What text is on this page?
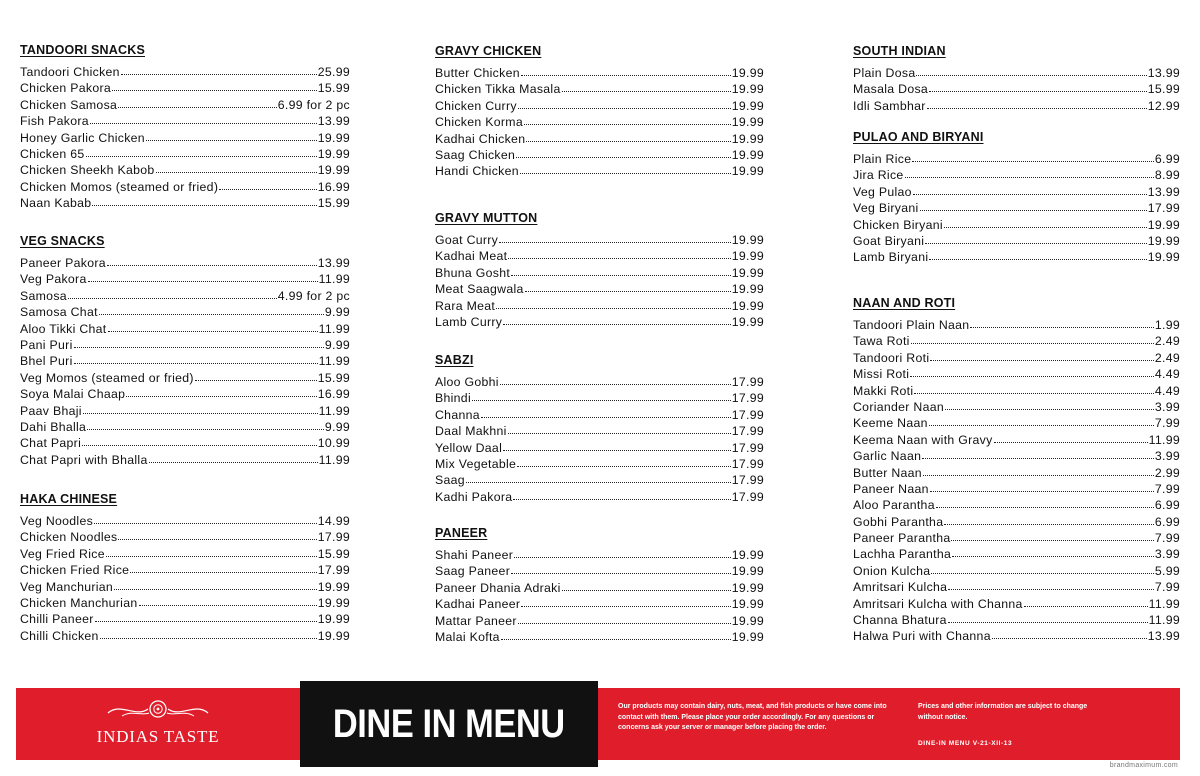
TANDOORI SNACKS
Tandoori Chicken	25.99
Chicken Pakora	15.99
Chicken Samosa	6.99 for 2 pc
Fish Pakora	13.99
Honey Garlic Chicken	19.99
Chicken 65	19.99
Chicken Sheekh Kabob	19.99
Chicken Momos (steamed or fried)	16.99
Naan Kabab	15.99
VEG SNACKS
Paneer Pakora	13.99
Veg Pakora	11.99
Samosa	4.99 for 2 pc
Samosa Chat	9.99
Aloo Tikki Chat	11.99
Pani Puri	9.99
Bhel Puri	11.99
Veg Momos (steamed or fried)	15.99
Soya Malai Chaap	16.99
Paav Bhaji	11.99
Dahi Bhalla	9.99
Chat Papri	10.99
Chat Papri with Bhalla	11.99
HAKA CHINESE
Veg Noodles	14.99
Chicken Noodles	17.99
Veg Fried Rice	15.99
Chicken Fried Rice	17.99
Veg Manchurian	19.99
Chicken Manchurian	19.99
Chilli Paneer	19.99
Chilli Chicken	19.99
GRAVY CHICKEN
Butter Chicken	19.99
Chicken Tikka Masala	19.99
Chicken Curry	19.99
Chicken Korma	19.99
Kadhai Chicken	19.99
Saag Chicken	19.99
Handi Chicken	19.99
GRAVY MUTTON
Goat Curry	19.99
Kadhai Meat	19.99
Bhuna Gosht	19.99
Meat Saagwala	19.99
Rara Meat	19.99
Lamb Curry	19.99
SABZI
Aloo Gobhi	17.99
Bhindi	17.99
Channa	17.99
Daal Makhni	17.99
Yellow Daal	17.99
Mix Vegetable	17.99
Saag	17.99
Kadhi Pakora	17.99
PANEER
Shahi Paneer	19.99
Saag Paneer	19.99
Paneer Dhania Adraki	19.99
Kadhai Paneer	19.99
Mattar Paneer	19.99
Malai Kofta	19.99
SOUTH INDIAN
Plain Dosa	13.99
Masala Dosa	15.99
Idli Sambhar	12.99
PULAO AND BIRYANI
Plain Rice	6.99
Jira Rice	8.99
Veg Pulao	13.99
Veg Biryani	17.99
Chicken Biryani	19.99
Goat Biryani	19.99
Lamb Biryani	19.99
NAAN AND ROTI
Tandoori Plain Naan	1.99
Tawa Roti	2.49
Tandoori Roti	2.49
Missi Roti	4.49
Makki Roti	4.49
Coriander Naan	3.99
Keeme Naan	7.99
Keema Naan with Gravy	11.99
Garlic Naan	3.99
Butter Naan	2.99
Paneer Naan	7.99
Aloo Parantha	6.99
Gobhi Parantha	6.99
Paneer Parantha	7.99
Lachha Parantha	3.99
Onion Kulcha	5.99
Amritsari Kulcha	7.99
Amritsari Kulcha with Channa	11.99
Channa Bhatura	11.99
Halwa Puri with Channa	13.99
INDIAS TASTE	DINE IN MENU	Our products may contain dairy, nuts, meat, and fish products or have come into contact with them. Please place your order accordingly. For any questions or concerns ask your server or manager before placing the order.
Prices and other information are subject to change without notice.
DINE-IN MENU V-21-XII-13
brandmaximum.com
